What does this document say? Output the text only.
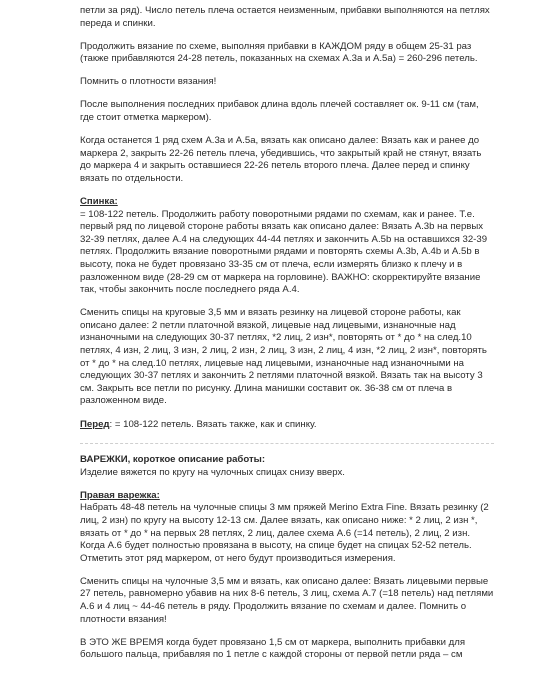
петли за ряд). Число петель плеча остается неизменным, прибавки выполняются на петлях переда и спинки.

Продолжить вязание по схеме, выполняя прибавки в КАЖДОМ ряду в общем 25-31 раз (также прибавляются 24-28 петель, показанных на схемах А.3а и А.5а) = 260-296 петель.

Помнить о плотности вязания!

После выполнения последних прибавок длина вдоль плечей составляет ок. 9-11 см (там, где стоит отметка маркером).

Когда останется 1 ряд схем А.3а и А.5а, вязать как описано далее: Вязать как и ранее до маркера 2, закрыть 22-26 петель плеча, убедившись, что закрытый край не стянут, вязать до маркера 4 и закрыть оставшиеся 22-26 петель второго плеча. Далее перед и спинку вязать по отдельности.

Спинка:

= 108-122 петель. Продолжить работу поворотными рядами по схемам, как и ранее. Т.е. первый ряд по лицевой стороне работы вязать как описано далее: Вязать А.3b на первых 32-39 петлях, далее А.4 на следующих 44-44 петлях и закончить А.5b на оставшихся 32-39 петлях. Продолжить вязание поворотными рядами и повторять схемы А.3b, А.4b и А.5b в высоту, пока не будет провязано 33-35 см от плеча, если измерять близко к плечу и в разложенном виде (28-29 см от маркера на горловине). ВАЖНО: скорректируйте вязание так, чтобы закончить после последнего ряда А.4.

Сменить спицы на круговые 3,5 мм и вязать резинку на лицевой стороне работы, как описано далее: 2 петли платочной вязкой, лицевые над лицевыми, изнаночные над изнаночными на следующих 30-37 петлях, *2 лиц, 2 изн*, повторять от * до * на след.10 петлях, 4 изн, 2 лиц, 3 изн, 2 лиц, 2 изн, 2 лиц, 3 изн, 2 лиц, 4 изн, *2 лиц, 2 изн*, повторять от * до * на след.10 петлях, лицевые над лицевыми, изнаночные над изнаночными на следующих 30-37 петлях и закончить 2 петлями платочной вязкой. Вязать так на высоту 3 см. Закрыть все петли по рисунку. Длина манишки составит ок. 36-38 см от плеча в разложенном виде.

Перед: = 108-122 петель. Вязать также, как и спинку.

ВАРЕЖКИ, короткое описание работы:

Изделие вяжется по кругу на чулочных спицах снизу вверх.

Правая варежка:

Набрать 48-48 петель на чулочные спицы 3 мм пряжей Merino Extra Fine. Вязать резинку (2 лиц, 2 изн) по кругу на высоту 12-13 см. Далее вязать, как описано ниже: * 2 лиц, 2 изн *, вязать от * до * на первых 28 петлях, 2 лиц, далее схема А.6 (=14 петель), 2 лиц, 2 изн. Когда А.6 будет полностью провязана в высоту, на спице будет на спицах 52-52 петель. Отметить этот ряд маркером, от него будут производиться измерения.

Сменить спицы на чулочные 3,5 мм и вязать, как описано далее: Вязать лицевыми первые 27 петель, равномерно убавив на них 8-6 петель, 3 лиц, схема А.7 (=18 петель) над петлями А.6 и 4 лиц ~ 44-46 петель в ряду. Продолжить вязание по схемам и далее. Помнить о плотности вязания!

В ЭТО ЖЕ ВРЕМЯ когда будет провязано 1,5 см от маркера, выполнить прибавки для большого пальца, прибавляя по 1 петле с каждой стороны от первой петли ряда – см
